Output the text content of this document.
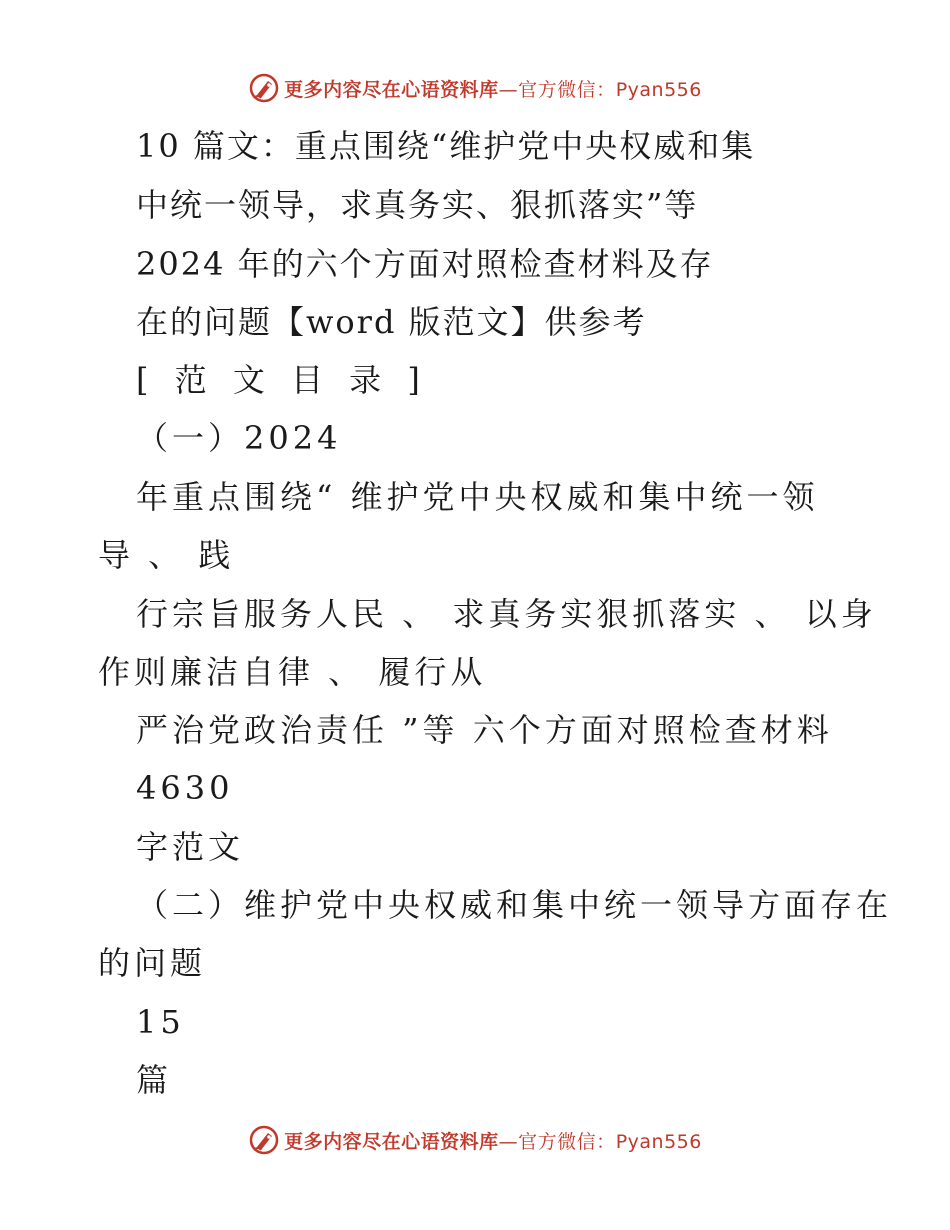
更多内容尽在心语资料库—官方微信：Pyan556
10 篇文：重点围绕“维护党中央权威和集
中统一领导，求真务实、狠抓落实”等
2024 年的六个方面对照检查材料及存
在的问题【word 版范文】供参考
[ 范 文 目 录 ]
（一）2024
年重点围绕“ 维护党中央权威和集中统一领
导 、 践
行宗旨服务人民 、 求真务实狠抓落实 、 以身
作则廉洁自律 、 履行从
严治党政治责任 ”等 六个方面对照检查材料
4630
字范文
（二）维护党中央权威和集中统一领导方面存在
的问题
15
篇
更多内容尽在心语资料库—官方微信：Pyan556
